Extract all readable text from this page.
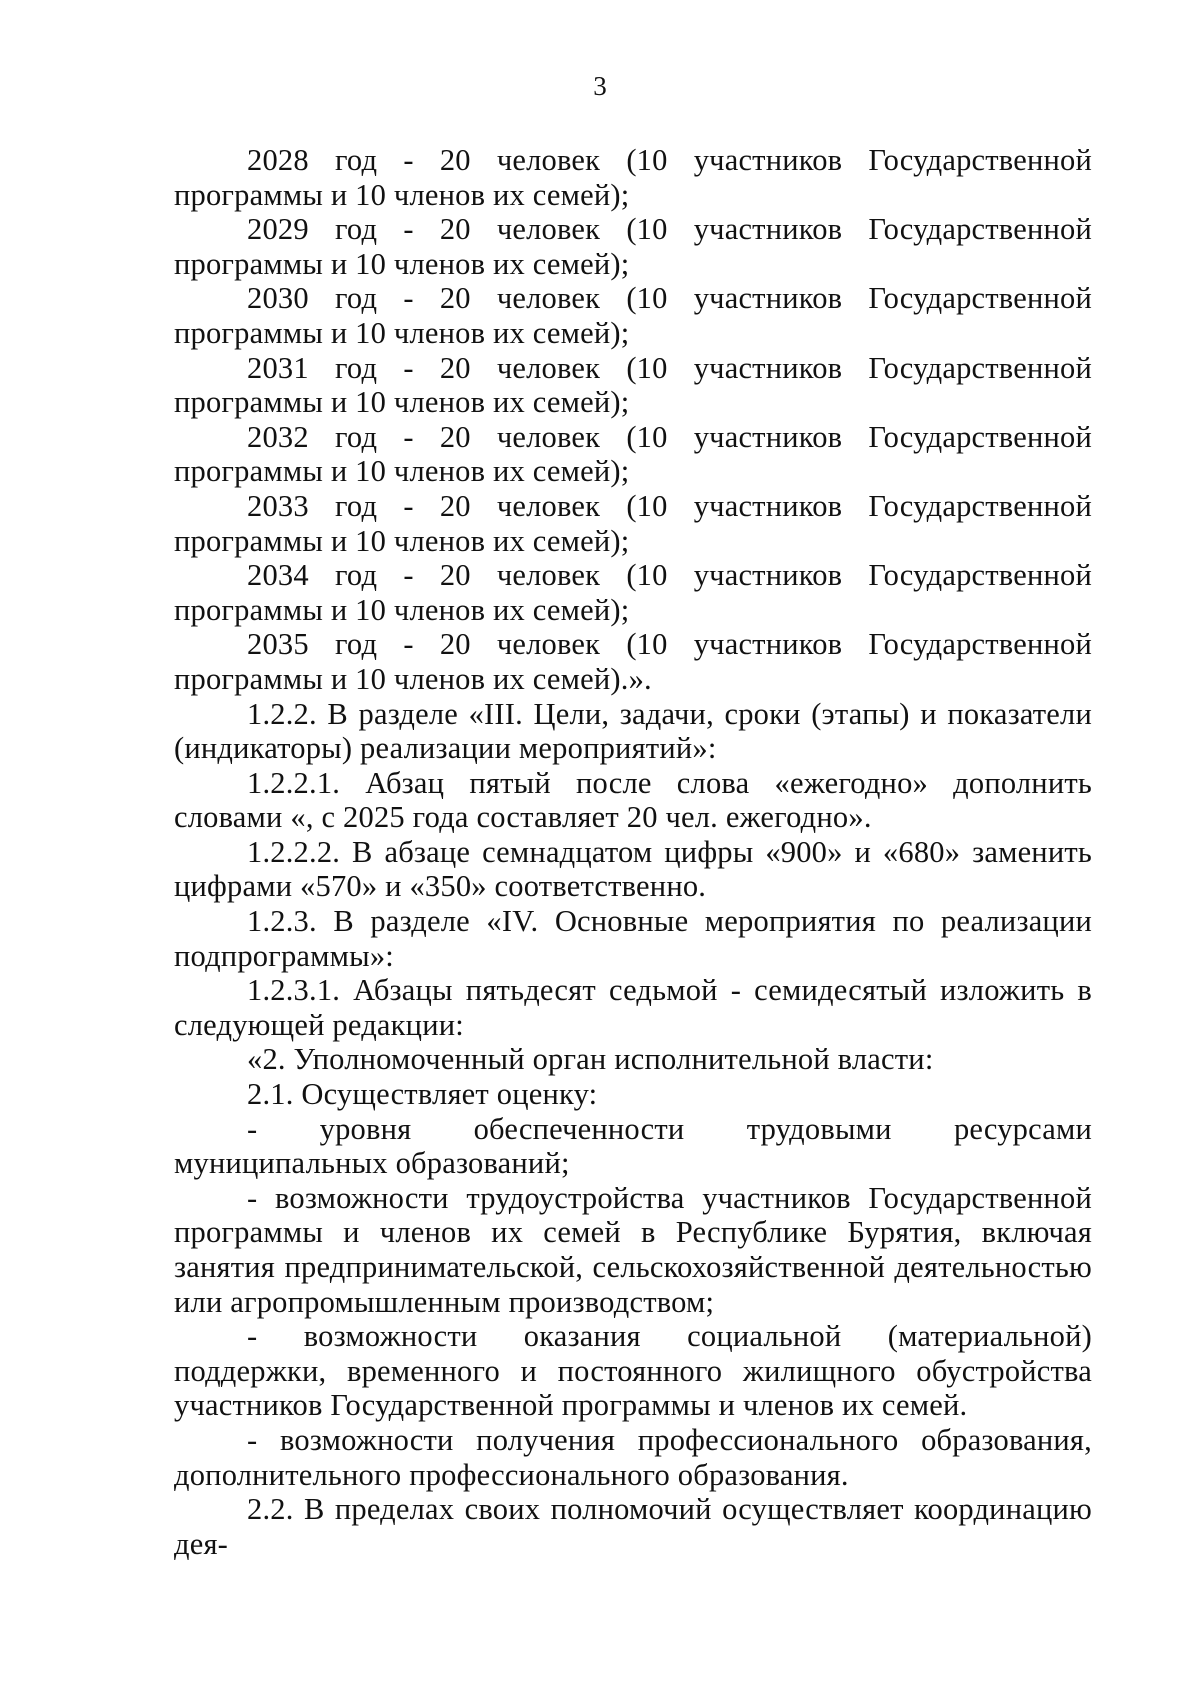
3

2028 год - 20 человек (10 участников Государственной программы и 10 членов их семей);

2029 год - 20 человек (10 участников Государственной программы и 10 членов их семей);

2030 год - 20 человек (10 участников Государственной программы и 10 членов их семей);

2031 год - 20 человек (10 участников Государственной программы и 10 членов их семей);

2032 год - 20 человек (10 участников Государственной программы и 10 членов их семей);

2033 год - 20 человек (10 участников Государственной программы и 10 членов их семей);

2034 год - 20 человек (10 участников Государственной программы и 10 членов их семей);

2035 год - 20 человек (10 участников Государственной программы и 10 членов их семей).».

1.2.2. В разделе «III. Цели, задачи, сроки (этапы) и показатели (индикаторы) реализации мероприятий»:

1.2.2.1. Абзац пятый после слова «ежегодно» дополнить словами «, с 2025 года составляет 20 чел. ежегодно».

1.2.2.2. В абзаце семнадцатом цифры «900» и «680» заменить цифрами «570» и «350» соответственно.

1.2.3. В разделе «IV. Основные мероприятия по реализации подпрограммы»:

1.2.3.1. Абзацы пятьдесят седьмой - семидесятый изложить в следующей редакции:

«2. Уполномоченный орган исполнительной власти:

2.1. Осуществляет оценку:

- уровня обеспеченности трудовыми ресурсами муниципальных образований;

- возможности трудоустройства участников Государственной программы и членов их семей в Республике Бурятия, включая занятия предпринимательской, сельскохозяйственной деятельностью или агропромышленным производством;

- возможности оказания социальной (материальной) поддержки, временного и постоянного жилищного обустройства участников Государственной программы и членов их семей.

- возможности получения профессионального образования, дополнительного профессионального образования.

2.2. В пределах своих полномочий осуществляет координацию дея-
